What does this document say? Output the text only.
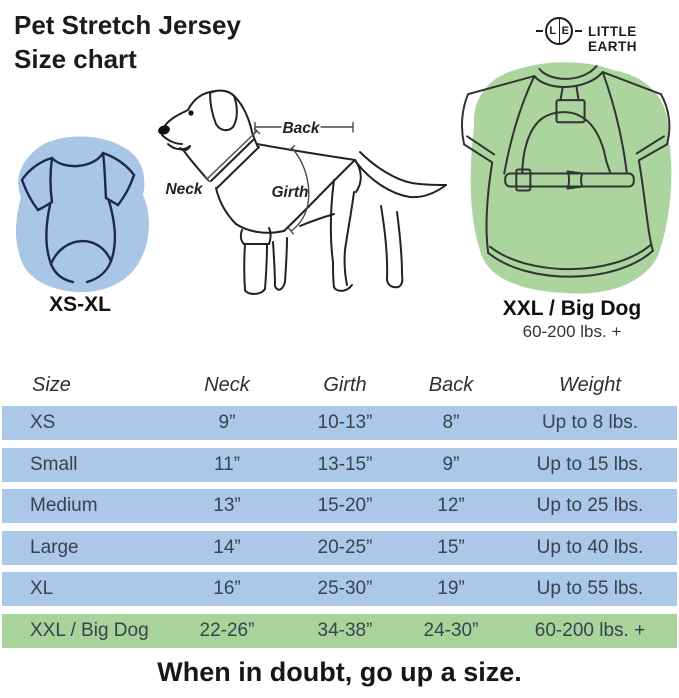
Pet Stretch Jersey
Size chart
L E LITTLE EARTH
XS-XL
Back
Neck	Girth
XXL / Big Dog
60-200 lbs. +
Size	Neck	Girth	Back	Weight
XS	9”	10-13”	8”	Up to 8 lbs.
Small	11”	13-15”	9”	Up to 15 lbs.
Medium	13”	15-20”	12”	Up to 25 lbs.
Large	14”	20-25”	15”	Up to 40 lbs.
XL	16”	25-30”	19”	Up to 55 lbs.
XXL / Big Dog	22-26”	34-38”	24-30”	60-200 lbs. +
When in doubt, go up a size.
